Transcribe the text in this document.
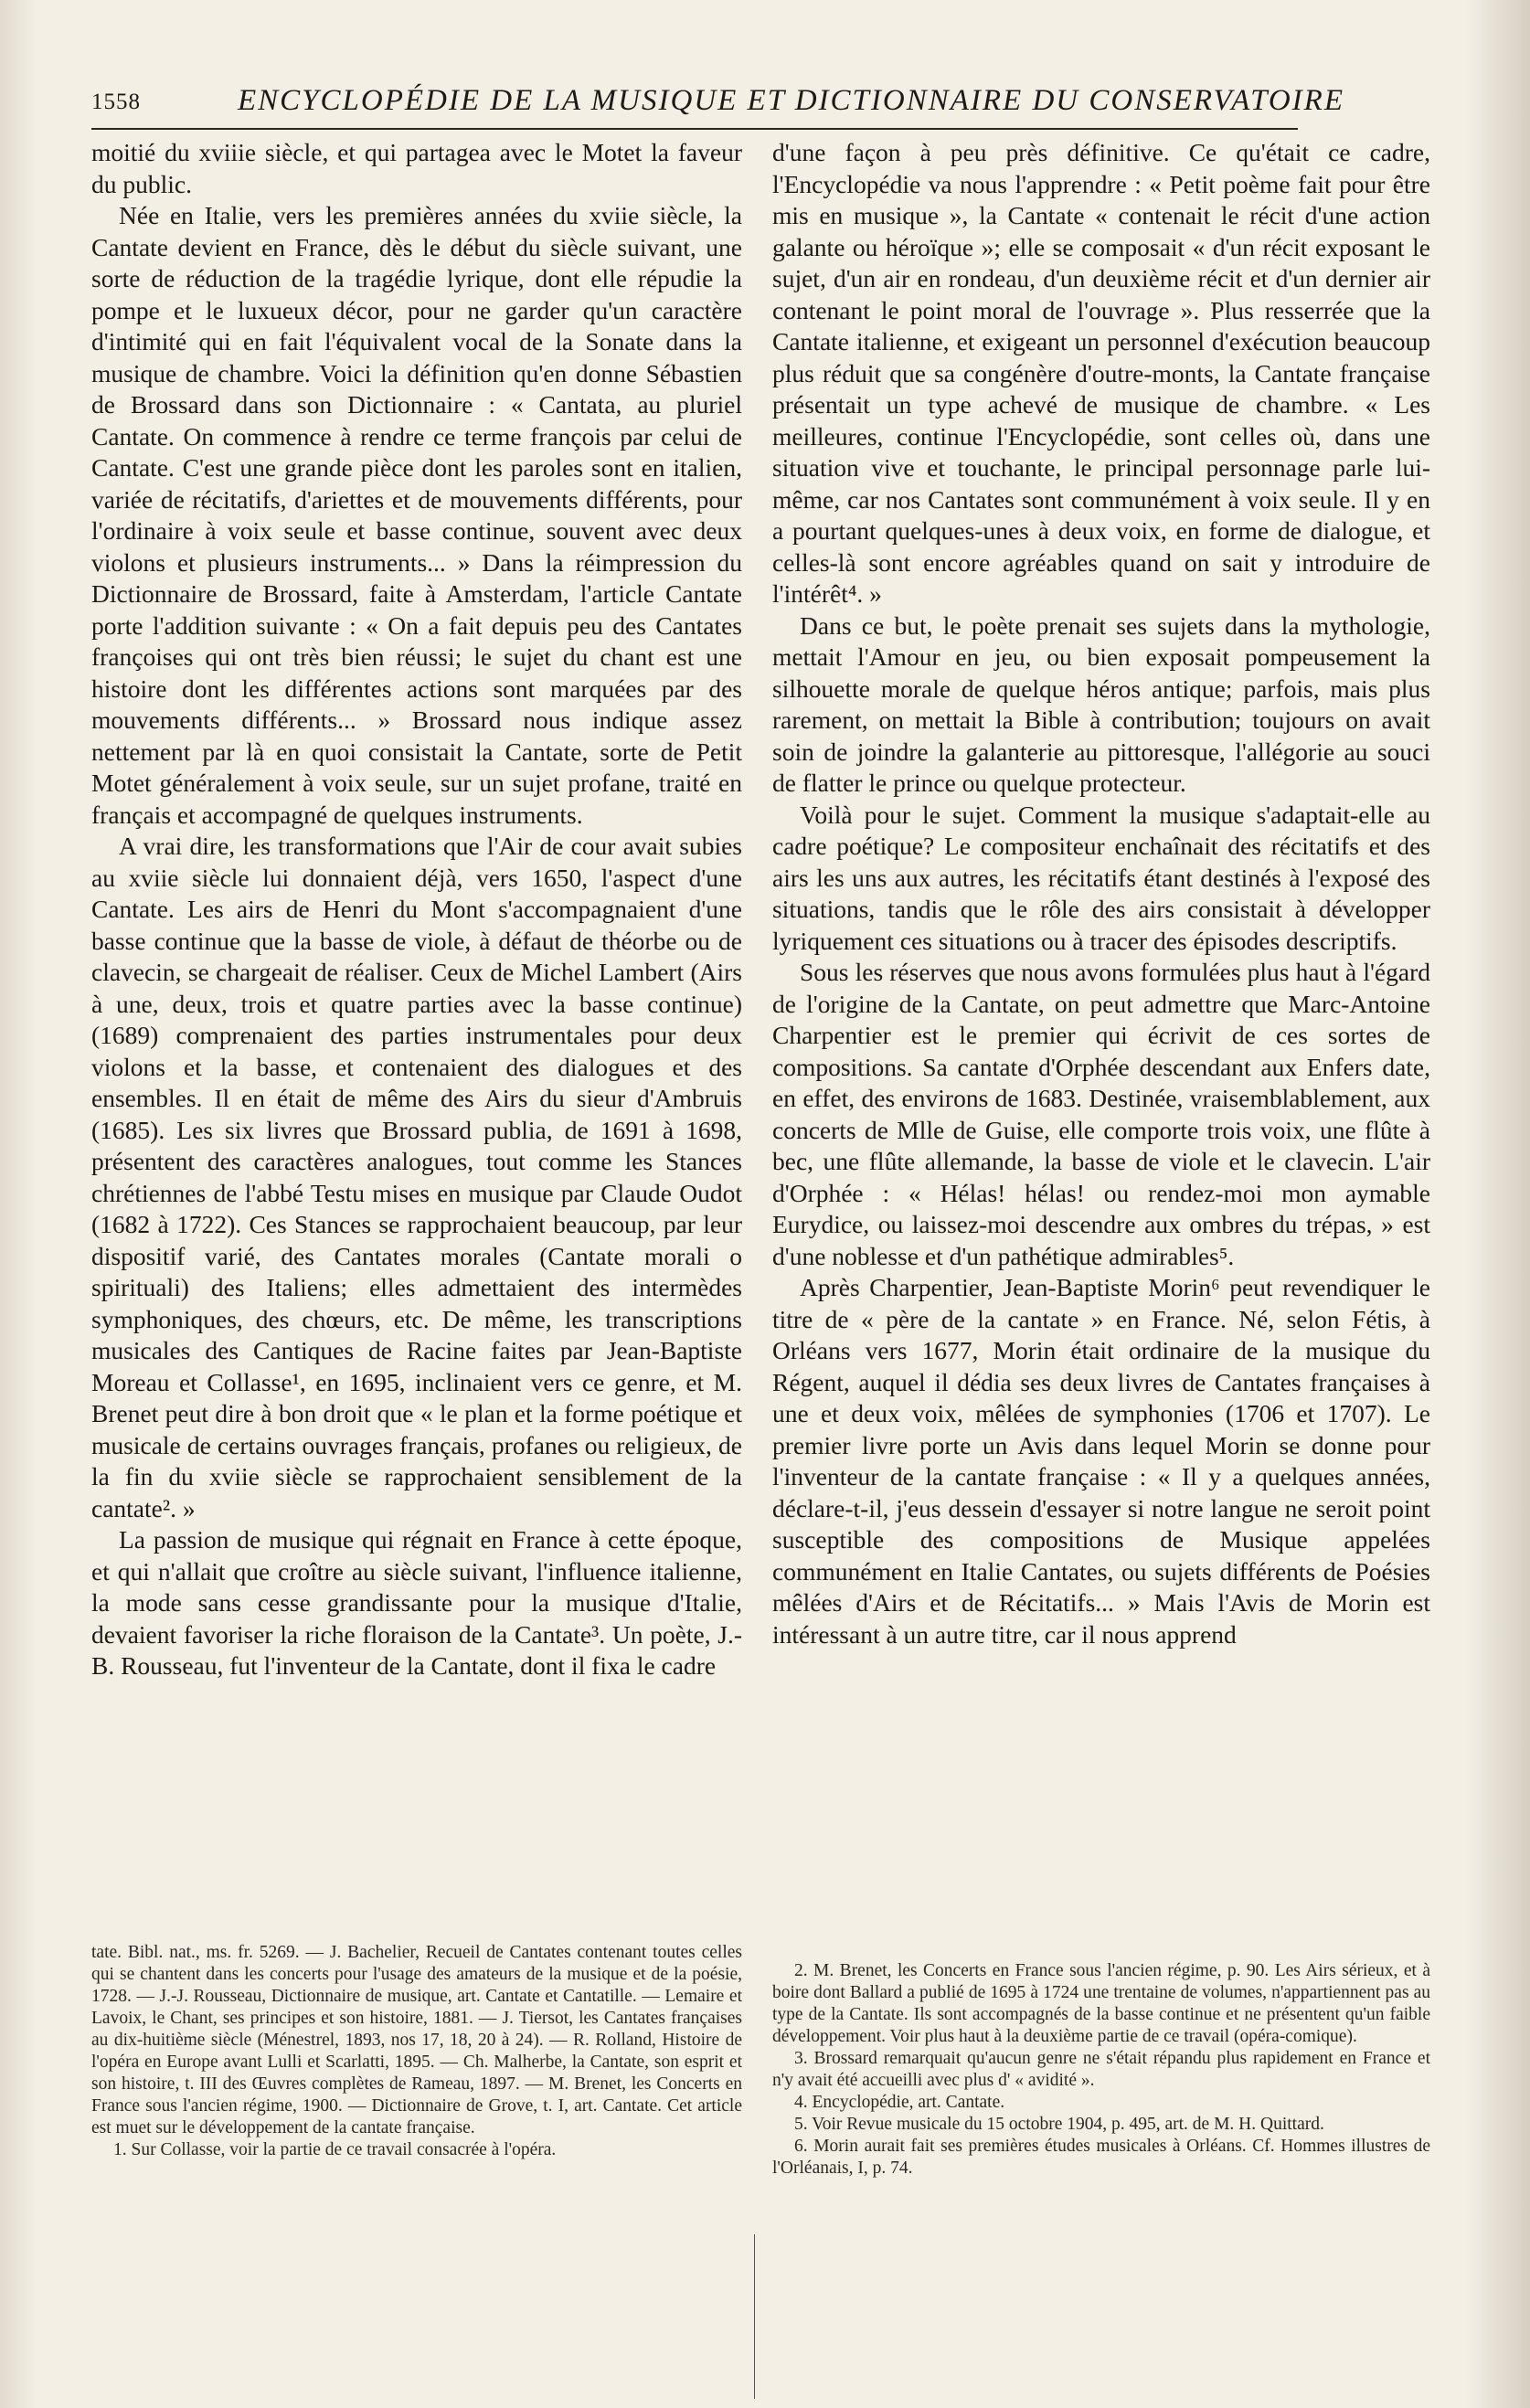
1558	ENCYCLOPÉDIE DE LA MUSIQUE ET DICTIONNAIRE DU CONSERVATOIRE

moitié du xviiie siècle, et qui partagea avec le Motet la faveur du public.

Née en Italie, vers les premières années du xviie siècle, la Cantate devient en France, dès le début du siècle suivant, une sorte de réduction de la tragédie lyrique, dont elle répudie la pompe et le luxueux décor, pour ne garder qu'un caractère d'intimité qui en fait l'équivalent vocal de la Sonate dans la musique de chambre. Voici la définition qu'en donne Sébastien de Brossard dans son Dictionnaire : « Cantata, au pluriel Cantate. On commence à rendre ce terme françois par celui de Cantate. C'est une grande pièce dont les paroles sont en italien, variée de récitatifs, d'ariettes et de mouvements différents, pour l'ordinaire à voix seule et basse continue, souvent avec deux violons et plusieurs instruments... » Dans la réimpression du Dictionnaire de Brossard, faite à Amsterdam, l'article Cantate porte l'addition suivante : « On a fait depuis peu des Cantates françoises qui ont très bien réussi; le sujet du chant est une histoire dont les différentes actions sont marquées par des mouvements différents... » Brossard nous indique assez nettement par là en quoi consistait la Cantate, sorte de Petit Motet généralement à voix seule, sur un sujet profane, traité en français et accompagné de quelques instruments.

A vrai dire, les transformations que l'Air de cour avait subies au xviie siècle lui donnaient déjà, vers 1650, l'aspect d'une Cantate. Les airs de Henri du Mont s'accompagnaient d'une basse continue que la basse de viole, à défaut de théorbe ou de clavecin, se chargeait de réaliser. Ceux de Michel Lambert (Airs à une, deux, trois et quatre parties avec la basse continue) (1689) comprenaient des parties instrumentales pour deux violons et la basse, et contenaient des dialogues et des ensembles. Il en était de même des Airs du sieur d'Ambruis (1685). Les six livres que Brossard publia, de 1691 à 1698, présentent des caractères analogues, tout comme les Stances chrétiennes de l'abbé Testu mises en musique par Claude Oudot (1682 à 1722). Ces Stances se rapprochaient beaucoup, par leur dispositif varié, des Cantates morales (Cantate morali o spirituali) des Italiens; elles admettaient des intermèdes symphoniques, des chœurs, etc. De même, les transcriptions musicales des Cantiques de Racine faites par Jean-Baptiste Moreau et Collasse¹, en 1695, inclinaient vers ce genre, et M. Brenet peut dire à bon droit que « le plan et la forme poétique et musicale de certains ouvrages français, profanes ou religieux, de la fin du xviie siècle se rapprochaient sensiblement de la cantate². »

La passion de musique qui régnait en France à cette époque, et qui n'allait que croître au siècle suivant, l'influence italienne, la mode sans cesse grandissante pour la musique d'Italie, devaient favoriser la riche floraison de la Cantate³. Un poète, J.-B. Rousseau, fut l'inventeur de la Cantate, dont il fixa le cadre

d'une façon à peu près définitive. Ce qu'était ce cadre, l'Encyclopédie va nous l'apprendre : « Petit poème fait pour être mis en musique », la Cantate « contenait le récit d'une action galante ou héroïque »; elle se composait « d'un récit exposant le sujet, d'un air en rondeau, d'un deuxième récit et d'un dernier air contenant le point moral de l'ouvrage ». Plus resserrée que la Cantate italienne, et exigeant un personnel d'exécution beaucoup plus réduit que sa congénère d'outre-monts, la Cantate française présentait un type achevé de musique de chambre. « Les meilleures, continue l'Encyclopédie, sont celles où, dans une situation vive et touchante, le principal personnage parle lui-même, car nos Cantates sont communément à voix seule. Il y en a pourtant quelques-unes à deux voix, en forme de dialogue, et celles-là sont encore agréables quand on sait y introduire de l'intérêt⁴. »

Dans ce but, le poète prenait ses sujets dans la mythologie, mettait l'Amour en jeu, ou bien exposait pompeusement la silhouette morale de quelque héros antique; parfois, mais plus rarement, on mettait la Bible à contribution; toujours on avait soin de joindre la galanterie au pittoresque, l'allégorie au souci de flatter le prince ou quelque protecteur.

Voilà pour le sujet. Comment la musique s'adaptait-elle au cadre poétique? Le compositeur enchaînait des récitatifs et des airs les uns aux autres, les récitatifs étant destinés à l'exposé des situations, tandis que le rôle des airs consistait à développer lyriquement ces situations ou à tracer des épisodes descriptifs.

Sous les réserves que nous avons formulées plus haut à l'égard de l'origine de la Cantate, on peut admettre que Marc-Antoine Charpentier est le premier qui écrivit de ces sortes de compositions. Sa cantate d'Orphée descendant aux Enfers date, en effet, des environs de 1683. Destinée, vraisemblablement, aux concerts de Mlle de Guise, elle comporte trois voix, une flûte à bec, une flûte allemande, la basse de viole et le clavecin. L'air d'Orphée : « Hélas! hélas! ou rendez-moi mon aymable Eurydice, ou laissez-moi descendre aux ombres du trépas, » est d'une noblesse et d'un pathétique admirables⁵.

Après Charpentier, Jean-Baptiste Morin⁶ peut revendiquer le titre de « père de la cantate » en France. Né, selon Fétis, à Orléans vers 1677, Morin était ordinaire de la musique du Régent, auquel il dédia ses deux livres de Cantates françaises à une et deux voix, mêlées de symphonies (1706 et 1707). Le premier livre porte un Avis dans lequel Morin se donne pour l'inventeur de la cantate française : « Il y a quelques années, déclare-t-il, j'eus dessein d'essayer si notre langue ne seroit point susceptible des compositions de Musique appelées communément en Italie Cantates, ou sujets différents de Poésies mêlées d'Airs et de Récitatifs... » Mais l'Avis de Morin est intéressant à un autre titre, car il nous apprend

tate. Bibl. nat., ms. fr. 5269. — J. Bachelier, Recueil de Cantates contenant toutes celles qui se chantent dans les concerts pour l'usage des amateurs de la musique et de la poésie, 1728. — J.-J. Rousseau, Dictionnaire de musique, art. Cantate et Cantatille. — Lemaire et Lavoix, le Chant, ses principes et son histoire, 1881. — J. Tiersot, les Cantates françaises au dix-huitième siècle (Ménestrel, 1893, nos 17, 18, 20 à 24). — R. Rolland, Histoire de l'opéra en Europe avant Lulli et Scarlatti, 1895. — Ch. Malherbe, la Cantate, son esprit et son histoire, t. III des Œuvres complètes de Rameau, 1897. — M. Brenet, les Concerts en France sous l'ancien régime, 1900. — Dictionnaire de Grove, t. I, art. Cantate. Cet article est muet sur le développement de la cantate française.

1. Sur Collasse, voir la partie de ce travail consacrée à l'opéra.

2. M. Brenet, les Concerts en France sous l'ancien régime, p. 90. Les Airs sérieux, et à boire dont Ballard a publié de 1695 à 1724 une trentaine de volumes, n'appartiennent pas au type de la Cantate. Ils sont accompagnés de la basse continue et ne présentent qu'un faible développement. Voir plus haut à la deuxième partie de ce travail (opéra-comique).

3. Brossard remarquait qu'aucun genre ne s'était répandu plus rapidement en France et n'y avait été accueilli avec plus d' « avidité ».

4. Encyclopédie, art. Cantate.

5. Voir Revue musicale du 15 octobre 1904, p. 495, art. de M. H. Quittard.

6. Morin aurait fait ses premières études musicales à Orléans. Cf. Hommes illustres de l'Orléanais, I, p. 74.
